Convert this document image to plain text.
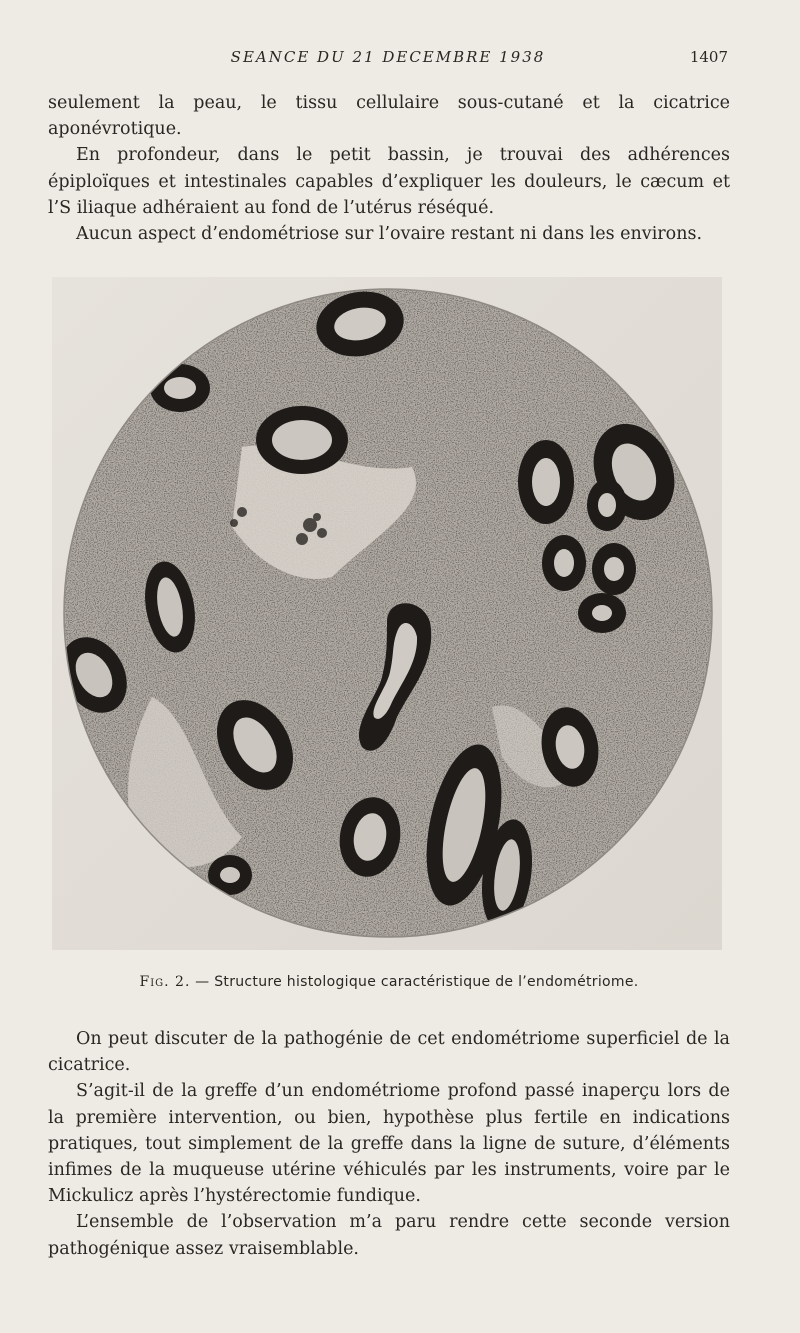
SEANCE DU 21 DECEMBRE 1938	1407

seulement la peau, le tissu cellulaire sous-cutané et la cicatrice aponévrotique.

En profondeur, dans le petit bassin, je trouvai des adhérences épiploïques et intestinales capables d’expliquer les douleurs, le cæcum et l’S iliaque adhéraient au fond de l’utérus réséqué.

Aucun aspect d’endométriose sur l’ovaire restant ni dans les environs.

Fig. 2. — Structure histologique caractéristique de l’endométriome.

On peut discuter de la pathogénie de cet endométriome superficiel de la cicatrice.

S’agit-il de la greffe d’un endométriome profond passé inaperçu lors de la première intervention, ou bien, hypothèse plus fertile en indications pratiques, tout simplement de la greffe dans la ligne de suture, d’éléments infimes de la muqueuse utérine véhiculés par les instruments, voire par le Mickulicz après l’hystérectomie fundique.

L’ensemble de l’observation m’a paru rendre cette seconde version pathogénique assez vraisemblable.
